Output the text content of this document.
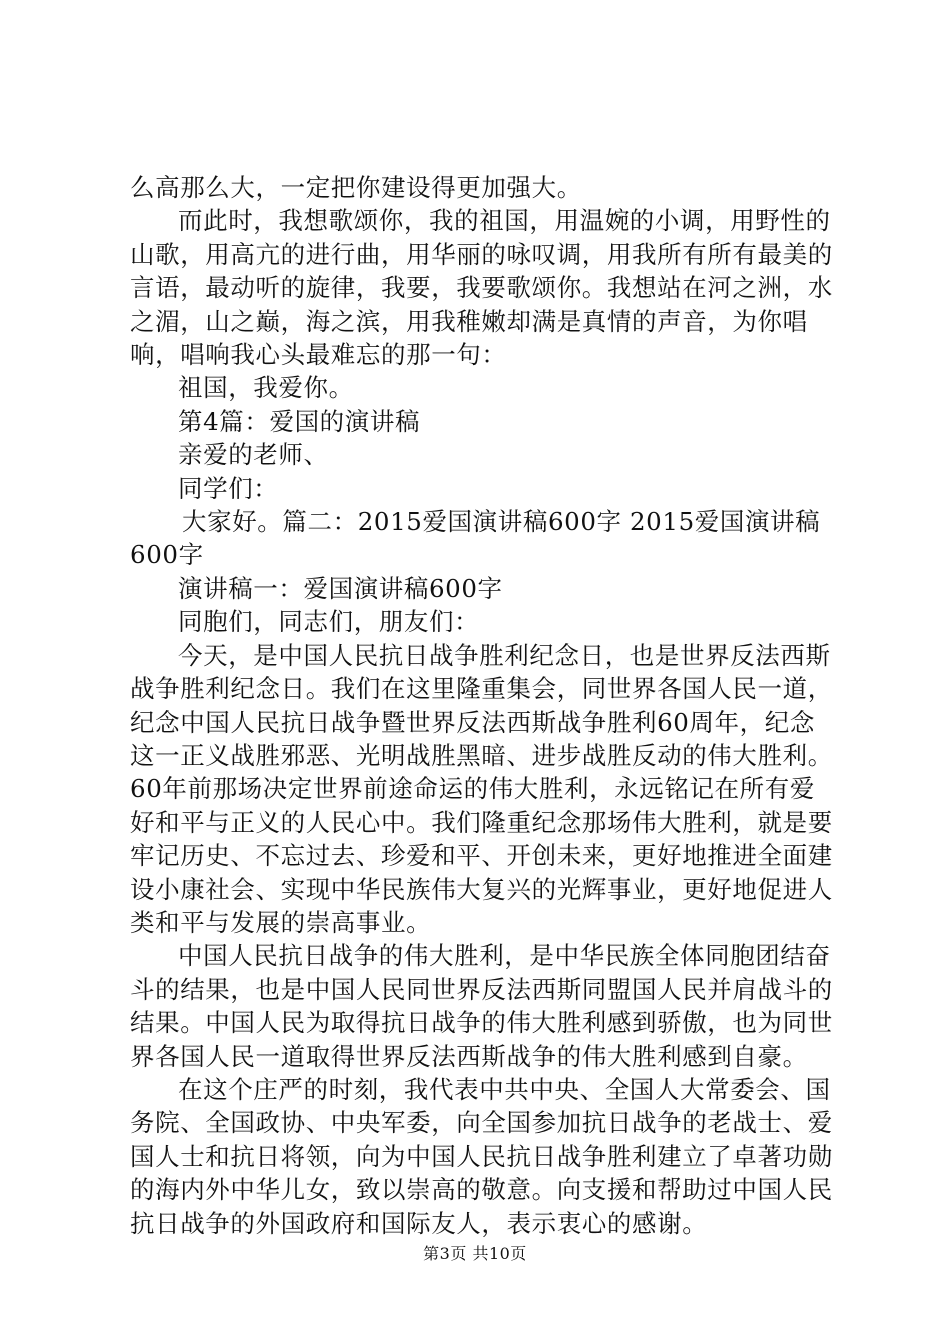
么高那么大，一定把你建设得更加强大。

而此时，我想歌颂你，我的祖国，用温婉的小调，用野性的山歌，用高亢的进行曲，用华丽的咏叹调，用我所有所有最美的言语，最动听的旋律，我要，我要歌颂你。我想站在河之洲，水之湄，山之巅，海之滨，用我稚嫩却满是真情的声音，为你唱响，唱响我心头最难忘的那一句：

祖国，我爱你。

第4篇：爱国的演讲稿

亲爱的老师、

同学们：

大家好。篇二：2015爱国演讲稿600字 2015爱国演讲稿600字

演讲稿一：爱国演讲稿600字

同胞们，同志们，朋友们：

今天，是中国人民抗日战争胜利纪念日，也是世界反法西斯战争胜利纪念日。我们在这里隆重集会，同世界各国人民一道，纪念中国人民抗日战争暨世界反法西斯战争胜利60周年，纪念这一正义战胜邪恶、光明战胜黑暗、进步战胜反动的伟大胜利。60年前那场决定世界前途命运的伟大胜利，永远铭记在所有爱好和平与正义的人民心中。我们隆重纪念那场伟大胜利，就是要牢记历史、不忘过去、珍爱和平、开创未来，更好地推进全面建设小康社会、实现中华民族伟大复兴的光辉事业，更好地促进人类和平与发展的崇高事业。

中国人民抗日战争的伟大胜利，是中华民族全体同胞团结奋斗的结果，也是中国人民同世界反法西斯同盟国人民并肩战斗的结果。中国人民为取得抗日战争的伟大胜利感到骄傲，也为同世界各国人民一道取得世界反法西斯战争的伟大胜利感到自豪。

在这个庄严的时刻，我代表中共中央、全国人大常委会、国务院、全国政协、中央军委，向全国参加抗日战争的老战士、爱国人士和抗日将领，向为中国人民抗日战争胜利建立了卓著功勋的海内外中华儿女，致以崇高的敬意。向支援和帮助过中国人民抗日战争的外国政府和国际友人，表示衷心的感谢。

第3页 共10页
